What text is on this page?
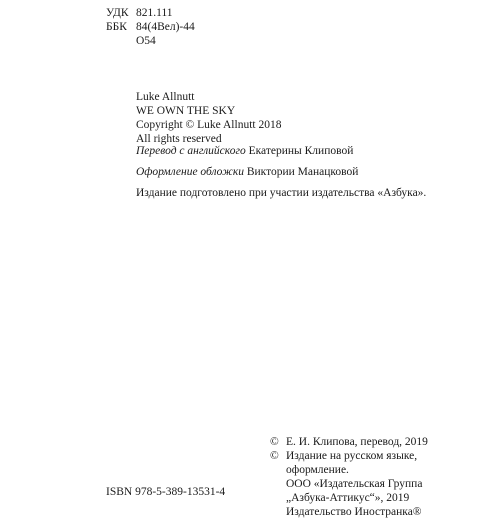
УДК 821.111
ББК 84(4Вел)-44
О54
Luke Allnutt
WE OWN THE SKY
Copyright © Luke Allnutt 2018
All rights reserved
Перевод с английского Екатерины Клиповой
Оформление обложки Виктории Манацковой
Издание подготовлено при участии издательства «Азбука».
© Е. И. Клипова, перевод, 2019
© Издание на русском языке,
оформление.
ООО «Издательская Группа
„Азбука-Аттикус“», 2019
Издательство Иностранка®
ISBN 978-5-389-13531-4
